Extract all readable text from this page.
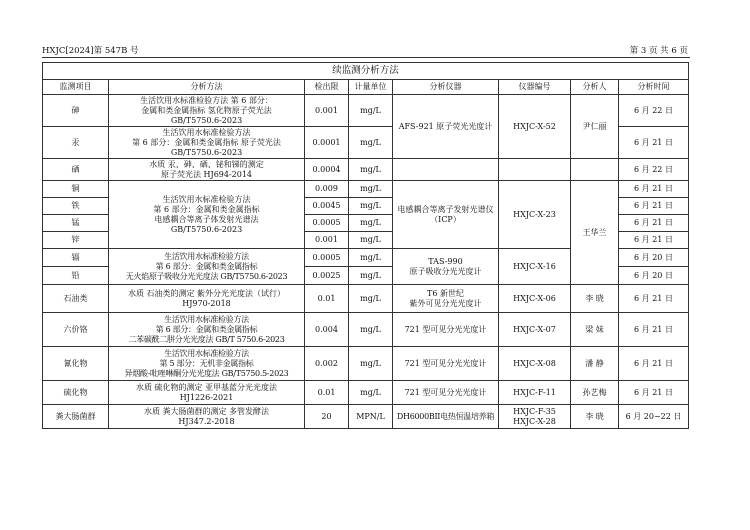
HXJC[2024]第 547B 号	第 3 页 共 6 页
续监测分析方法							
监测项目	分析方法	检出限	计量单位	分析仪器	仪器编号	分析人	分析时间
砷	生活饮用水标准检验方法 第 6 部分：
金属和类金属指标 氢化物原子荧光法
GB/T5750.6-2023	0.001	mg/L	AFS-921 原子荧光光度计	HXJC-X-52	尹仁丽	6 月 22 日
汞	生活饮用水标准检验方法
第 6 部分：金属和类金属指标 原子荧光法
GB/T5750.6-2023	0.0001	mg/L				6 月 21 日
硒	水质 汞、砷、硒、铋和锑的测定
原子荧光法 HJ694-2014	0.0004	mg/L				6 月 22 日
铜	生活饮用水标准检验方法
第 6 部分：金属和类金属指标
电感耦合等离子体发射光谱法
GB/T5750.6-2023	0.009	mg/L	电感耦合等离子发射光谱仪
（ICP）	HXJC-X-23	王华兰	6 月 21 日
铁		0.0045	mg/L				6 月 21 日
锰		0.0005	mg/L				6 月 21 日
锌		0.001	mg/L				6 月 21 日
镉	生活饮用水标准检验方法
第 6 部分：金属和类金属指标
无火焰原子吸收分光光度法 GB/T5750.6-2023	0.0005	mg/L	TAS-990
原子吸收分光光度计	HXJC-X-16		6 月 20 日
铅		0.0025	mg/L				6 月 20 日
石油类	水质 石油类的测定 紫外分光光度法（试行）
HJ970-2018	0.01	mg/L	T6 新世纪
紫外可见分光光度计	HXJC-X-06	李 晓	6 月 21 日
六价铬	生活饮用水标准检验方法
第 6 部分：金属和类金属指标
二苯碳酰二肼分光光度法 GB/T 5750.6-2023	0.004	mg/L	721 型可见分光光度计	HXJC-X-07	梁 妹	6 月 21 日
氰化物	生活饮用水标准检验方法
第 5 部分：无机非金属指标
异烟酸-吡唑啉酮分光光度法 GB/T5750.5-2023	0.002	mg/L	721 型可见分光光度计	HXJC-X-08	潘 静	6 月 21 日
硫化物	水质 硫化物的测定 亚甲基蓝分光光度法
HJ1226-2021	0.01	mg/L	721 型可见分光光度计	HXJC-F-11	孙艺梅	6 月 21 日
粪大肠菌群	水质 粪大肠菌群的测定 多管发酵法
HJ347.2-2018	20	MPN/L	DH6000BII电热恒温培养箱	HXJC-F-35
HXJC-X-28	李 晓	6 月 20~22 日
